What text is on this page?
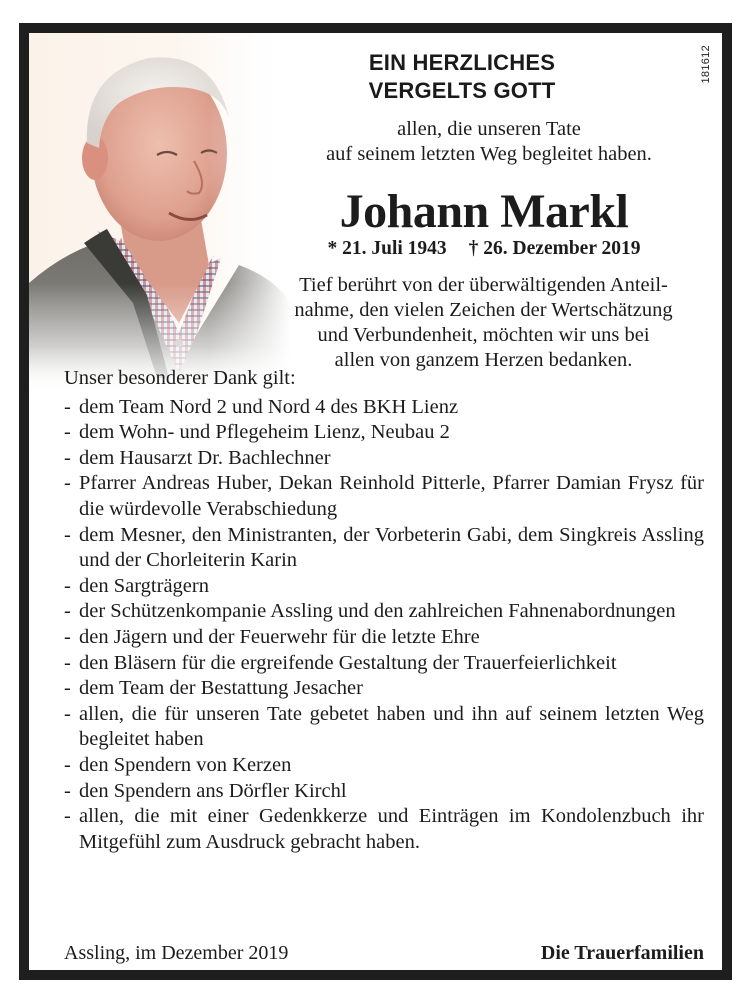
181612
EIN HERZLICHES
VERGELTS GOTT
allen, die unseren Tate
auf seinem letzten Weg begleitet haben.
Johann Markl
* 21. Juli 1943 † 26. Dezember 2019
Tief berührt von der überwältigenden Anteil-
nahme, den vielen Zeichen der Wertschätzung
und Verbundenheit, möchten wir uns bei
allen von ganzem Herzen bedanken.
Unser besonderer Dank gilt:
- dem Team Nord 2 und Nord 4 des BKH Lienz
- dem Wohn- und Pflegeheim Lienz, Neubau 2
- dem Hausarzt Dr. Bachlechner
- Pfarrer Andreas Huber, Dekan Reinhold Pitterle, Pfarrer Damian Frysz für die würdevolle Verabschiedung
- dem Mesner, den Ministranten, der Vorbeterin Gabi, dem Singkreis Assling und der Chorleiterin Karin
- den Sargträgern
- der Schützenkompanie Assling und den zahlreichen Fahnenabordnungen
- den Jägern und der Feuerwehr für die letzte Ehre
- den Bläsern für die ergreifende Gestaltung der Trauerfeierlichkeit
- dem Team der Bestattung Jesacher
- allen, die für unseren Tate gebetet haben und ihn auf seinem letzten Weg begleitet haben
- den Spendern von Kerzen
- den Spendern ans Dörfler Kirchl
- allen, die mit einer Gedenkkerze und Einträgen im Kondolenzbuch ihr Mitgefühl zum Ausdruck gebracht haben.
Assling, im Dezember 2019	Die Trauerfamilien
